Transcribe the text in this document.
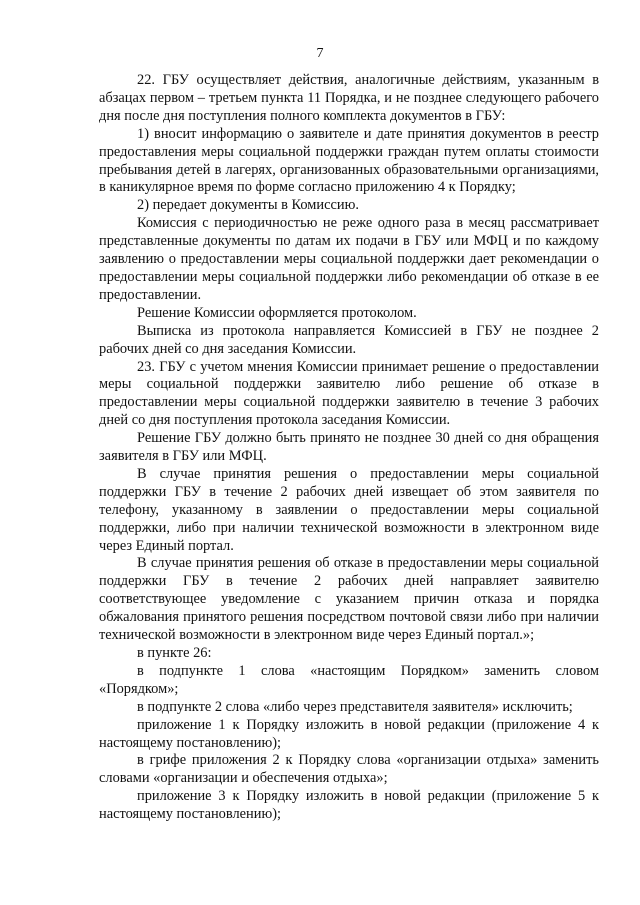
7

22. ГБУ осуществляет действия, аналогичные действиям, указанным в абзацах первом – третьем пункта 11 Порядка, и не позднее следующего рабочего дня после дня поступления полного комплекта документов в ГБУ:

1) вносит информацию о заявителе и дате принятия документов в реестр предоставления меры социальной поддержки граждан путем оплаты стоимости пребывания детей в лагерях, организованных образовательными организациями, в каникулярное время по форме согласно приложению 4 к Порядку;

2) передает документы в Комиссию.

Комиссия с периодичностью не реже одного раза в месяц рассматривает представленные документы по датам их подачи в ГБУ или МФЦ и по каждому заявлению о предоставлении меры социальной поддержки дает рекомендации о предоставлении меры социальной поддержки либо рекомендации об отказе в ее предоставлении.

Решение Комиссии оформляется протоколом.

Выписка из протокола направляется Комиссией в ГБУ не позднее 2 рабочих дней со дня заседания Комиссии.

23. ГБУ с учетом мнения Комиссии принимает решение о предоставлении меры социальной поддержки заявителю либо решение об отказе в предоставлении меры социальной поддержки заявителю в течение 3 рабочих дней со дня поступления протокола заседания Комиссии.

Решение ГБУ должно быть принято не позднее 30 дней со дня обращения заявителя в ГБУ или МФЦ.

В случае принятия решения о предоставлении меры социальной поддержки ГБУ в течение 2 рабочих дней извещает об этом заявителя по телефону, указанному в заявлении о предоставлении меры социальной поддержки, либо при наличии технической возможности в электронном виде через Единый портал.

В случае принятия решения об отказе в предоставлении меры социальной поддержки ГБУ в течение 2 рабочих дней направляет заявителю соответствующее уведомление с указанием причин отказа и порядка обжалования принятого решения посредством почтовой связи либо при наличии технической возможности в электронном виде через Единый портал.»;

в пункте 26:

в подпункте 1 слова «настоящим Порядком» заменить словом «Порядком»;

в подпункте 2 слова «либо через представителя заявителя» исключить;

приложение 1 к Порядку изложить в новой редакции (приложение 4 к настоящему постановлению);

в грифе приложения 2 к Порядку слова «организации отдыха» заменить словами «организации и обеспечения отдыха»;

приложение 3 к Порядку изложить в новой редакции (приложение 5 к настоящему постановлению);
